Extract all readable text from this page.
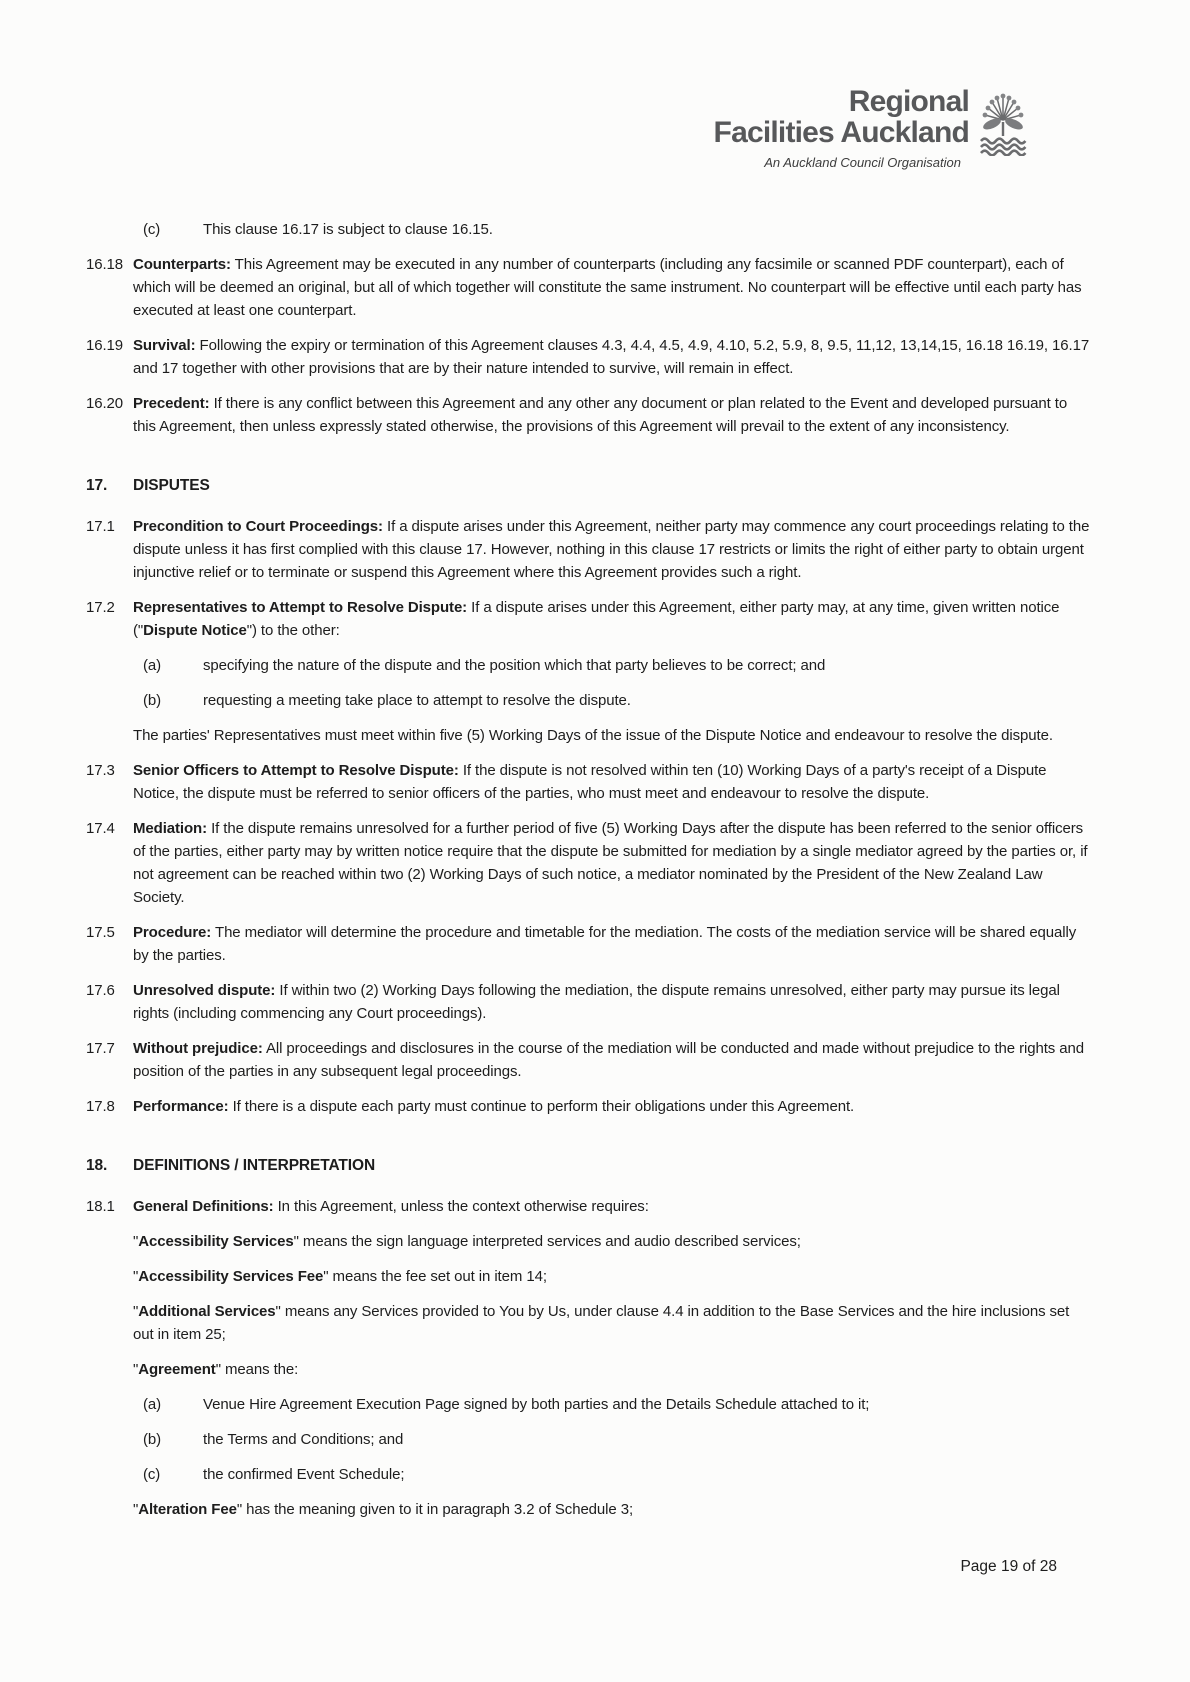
Regional
Facilities Auckland
An Auckland Council Organisation
(c)	This clause 16.17 is subject to clause 16.15.
16.18 Counterparts: This Agreement may be executed in any number of counterparts (including any facsimile or scanned PDF counterpart), each of which will be deemed an original, but all of which together will constitute the same instrument. No counterpart will be effective until each party has executed at least one counterpart.
16.19 Survival: Following the expiry or termination of this Agreement clauses 4.3, 4.4, 4.5, 4.9, 4.10, 5.2, 5.9, 8, 9.5, 11,12, 13,14,15, 16.18 16.19, 16.17 and 17 together with other provisions that are by their nature intended to survive, will remain in effect.
16.20 Precedent: If there is any conflict between this Agreement and any other any document or plan related to the Event and developed pursuant to this Agreement, then unless expressly stated otherwise, the provisions of this Agreement will prevail to the extent of any inconsistency.
17.	DISPUTES
17.1	Precondition to Court Proceedings: If a dispute arises under this Agreement, neither party may commence any court proceedings relating to the dispute unless it has first complied with this clause 17. However, nothing in this clause 17 restricts or limits the right of either party to obtain urgent injunctive relief or to terminate or suspend this Agreement where this Agreement provides such a right.
17.2	Representatives to Attempt to Resolve Dispute: If a dispute arises under this Agreement, either party may, at any time, given written notice ("Dispute Notice") to the other:
(a)	specifying the nature of the dispute and the position which that party believes to be correct; and
(b)	requesting a meeting take place to attempt to resolve the dispute.
The parties' Representatives must meet within five (5) Working Days of the issue of the Dispute Notice and endeavour to resolve the dispute.
17.3	Senior Officers to Attempt to Resolve Dispute: If the dispute is not resolved within ten (10) Working Days of a party's receipt of a Dispute Notice, the dispute must be referred to senior officers of the parties, who must meet and endeavour to resolve the dispute.
17.4	Mediation: If the dispute remains unresolved for a further period of five (5) Working Days after the dispute has been referred to the senior officers of the parties, either party may by written notice require that the dispute be submitted for mediation by a single mediator agreed by the parties or, if not agreement can be reached within two (2) Working Days of such notice, a mediator nominated by the President of the New Zealand Law Society.
17.5	Procedure: The mediator will determine the procedure and timetable for the mediation. The costs of the mediation service will be shared equally by the parties.
17.6	Unresolved dispute: If within two (2) Working Days following the mediation, the dispute remains unresolved, either party may pursue its legal rights (including commencing any Court proceedings).
17.7	Without prejudice: All proceedings and disclosures in the course of the mediation will be conducted and made without prejudice to the rights and position of the parties in any subsequent legal proceedings.
17.8	Performance: If there is a dispute each party must continue to perform their obligations under this Agreement.
18.	DEFINITIONS / INTERPRETATION
18.1	General Definitions: In this Agreement, unless the context otherwise requires:
"Accessibility Services" means the sign language interpreted services and audio described services;
"Accessibility Services Fee" means the fee set out in item 14;
"Additional Services" means any Services provided to You by Us, under clause 4.4 in addition to the Base Services and the hire inclusions set out in item 25;
"Agreement" means the:
(a)	Venue Hire Agreement Execution Page signed by both parties and the Details Schedule attached to it;
(b)	the Terms and Conditions; and
(c)	the confirmed Event Schedule;
"Alteration Fee" has the meaning given to it in paragraph 3.2 of Schedule 3;
Page 19 of 28
